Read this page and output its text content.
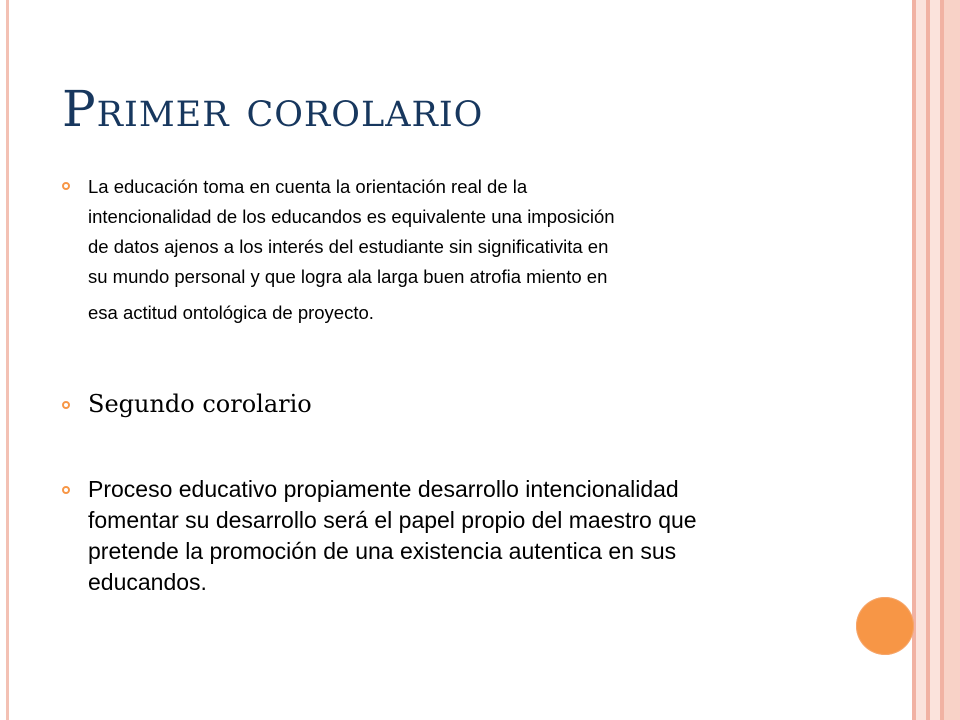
Primer corolario
La educación toma en cuenta la orientación real de la
intencionalidad de los educandos es equivalente una imposición
de datos ajenos a los interés del estudiante sin significativita en
su mundo personal y que logra ala larga buen atrofia miento en
esa actitud ontológica de proyecto.
Segundo corolario
Proceso educativo propiamente desarrollo intencionalidad
fomentar su desarrollo será el papel propio del maestro que
pretende la promoción de una existencia autentica en sus
educandos.
